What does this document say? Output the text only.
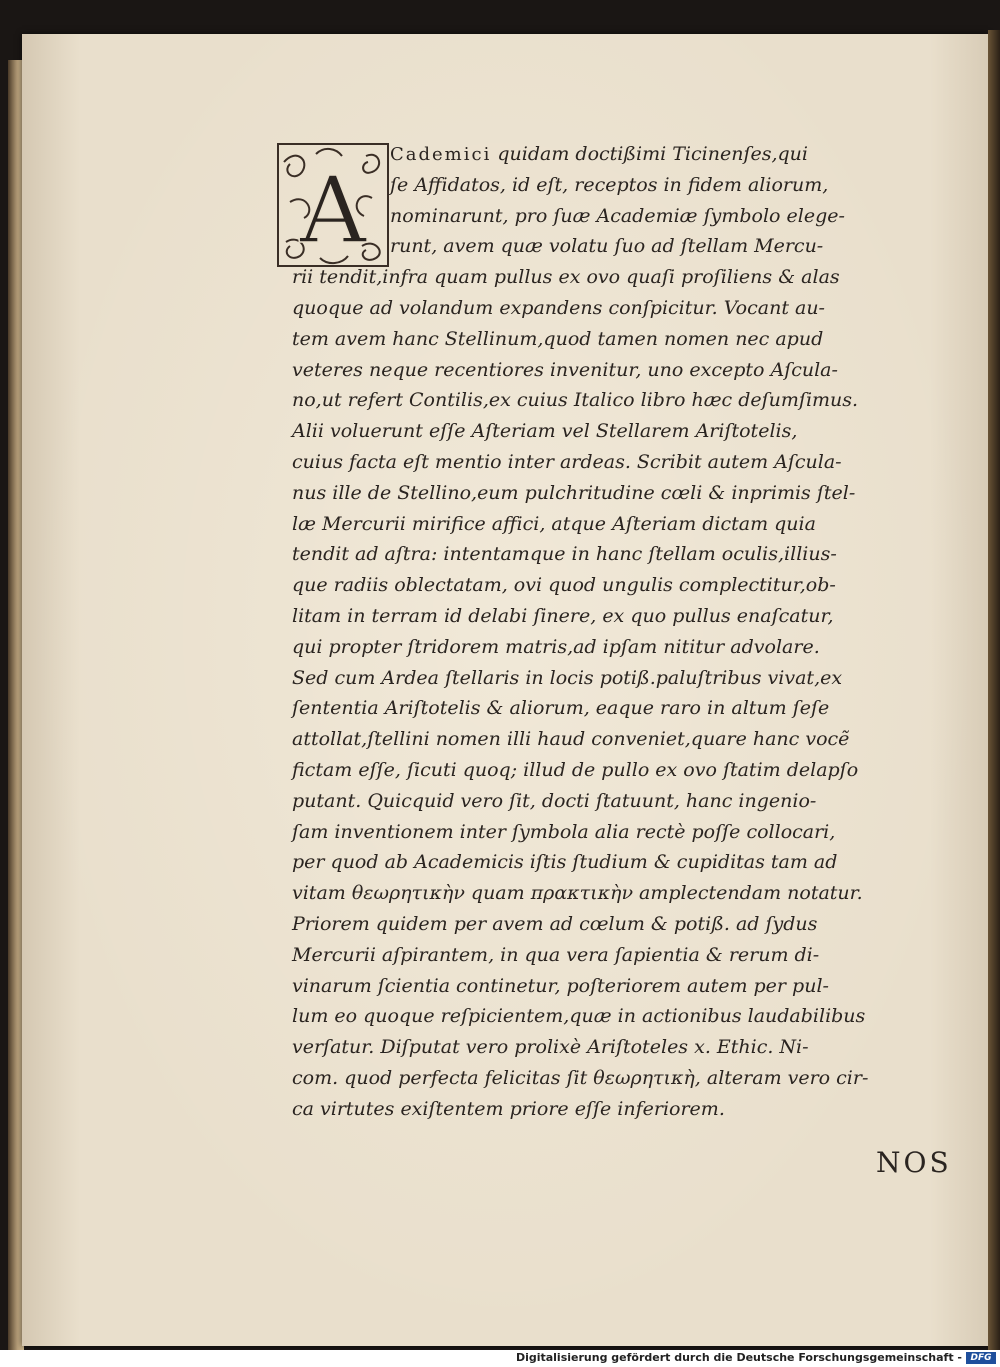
A
Cademici quidam doctißimi Ticinenſes,qui
ſe Affidatos, id eſt, receptos in fidem aliorum,
nominarunt, pro ſuæ Academiæ ſymbolo elege-
runt, avem quæ volatu ſuo ad ſtellam Mercu-
rii tendit,infra quam pullus ex ovo quaſi proſiliens & alas
quoque ad volandum expandens conſpicitur. Vocant au-
tem avem hanc Stellinum,quod tamen nomen nec apud
veteres neque recentiores invenitur, uno excepto Aſcula-
no,ut refert Contilis,ex cuius Italico libro hæc deſumſimus.
Alii voluerunt eſſe Aſteriam vel Stellarem Ariſtotelis,
cuius facta eſt mentio inter ardeas. Scribit autem Aſcula-
nus ille de Stellino,eum pulchritudine cœli & inprimis ſtel-
læ Mercurii mirifice affici, atque Aſteriam dictam quia
tendit ad aſtra: intentamque in hanc ſtellam oculis,illius-
que radiis oblectatam, ovi quod ungulis complectitur,ob-
litam in terram id delabi ſinere, ex quo pullus enaſcatur,
qui propter ſtridorem matris,ad ipſam nititur advolare.
Sed cum Ardea ſtellaris in locis potiß.paluſtribus vivat,ex
ſententia Ariſtotelis & aliorum, eaque raro in altum ſeſe
attollat,ſtellini nomen illi haud conveniet,quare hanc vocẽ
fictam eſſe, ſicuti quoq; illud de pullo ex ovo ſtatim delapſo
putant. Quicquid vero ſit, docti ſtatuunt, hanc ingenio-
ſam inventionem inter ſymbola alia rectè poſſe collocari,
per quod ab Academicis iſtis ſtudium & cupiditas tam ad
vitam θεωρητικὴν quam πρακτικὴν amplectendam notatur.
Priorem quidem per avem ad cœlum & potiß. ad ſydus
Mercurii aſpirantem, in qua vera ſapientia & rerum di-
vinarum ſcientia continetur, poſteriorem autem per pul-
lum eo quoque reſpicientem,quæ in actionibus laudabilibus
verſatur. Diſputat vero prolixè Ariſtoteles x. Ethic. Ni-
com. quod perfecta felicitas ſit θεωρητικὴ, alteram vero cir-
ca virtutes exiſtentem priore eſſe inferiorem.
NOS
Digitalisierung gefördert durch die Deutsche Forschungsgemeinschaft - DFG
